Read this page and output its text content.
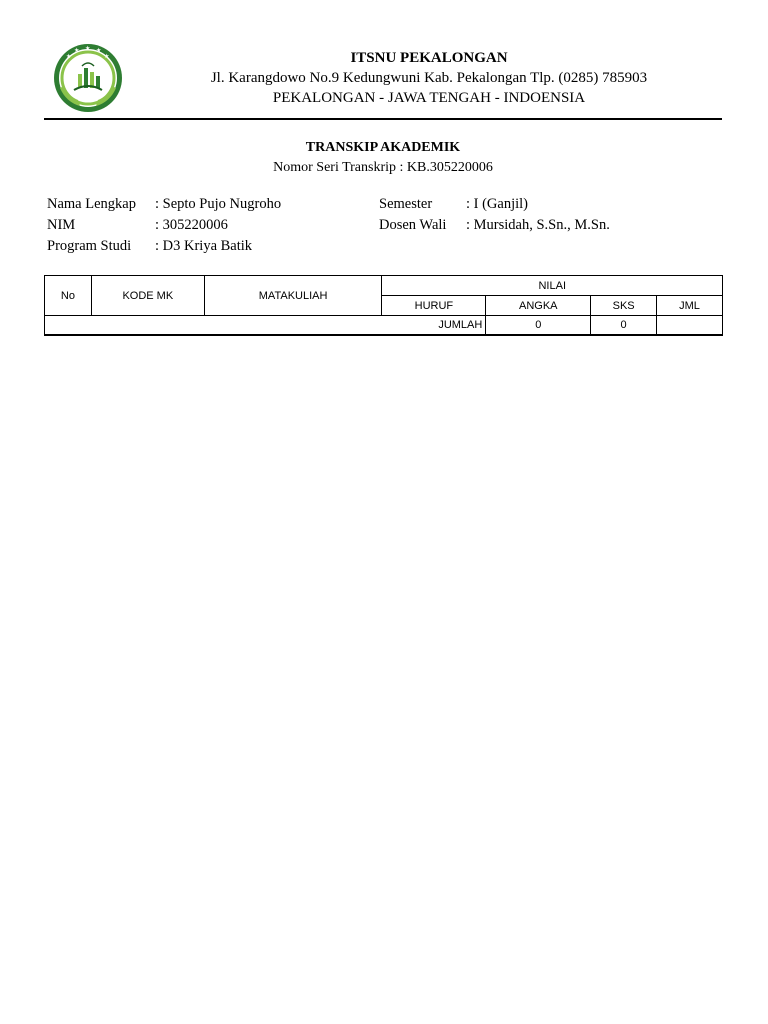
★
★ ★ ★
★	ITSNU PEKALONGAN
Jl. Karangdowo No.9 Kedungwuni Kab. Pekalongan Tlp. (0285) 785903
PEKALONGAN - JAWA TENGAH - INDOENSIA
TRANSKIP AKADEMIK
Nomor Seri Transkrip : KB.305220006
Nama Lengkap	: Septo Pujo Nugroho
NIM	: 305220006
Program Studi	: D3 Kriya Batik
Semester	: I (Ganjil)
Dosen Wali	: Mursidah, S.Sn., M.Sn.
No	KODE MK	MATAKULIAH	NILAI			
			HURUF	ANGKA	SKS	JML
JUMLAH				0	0	
